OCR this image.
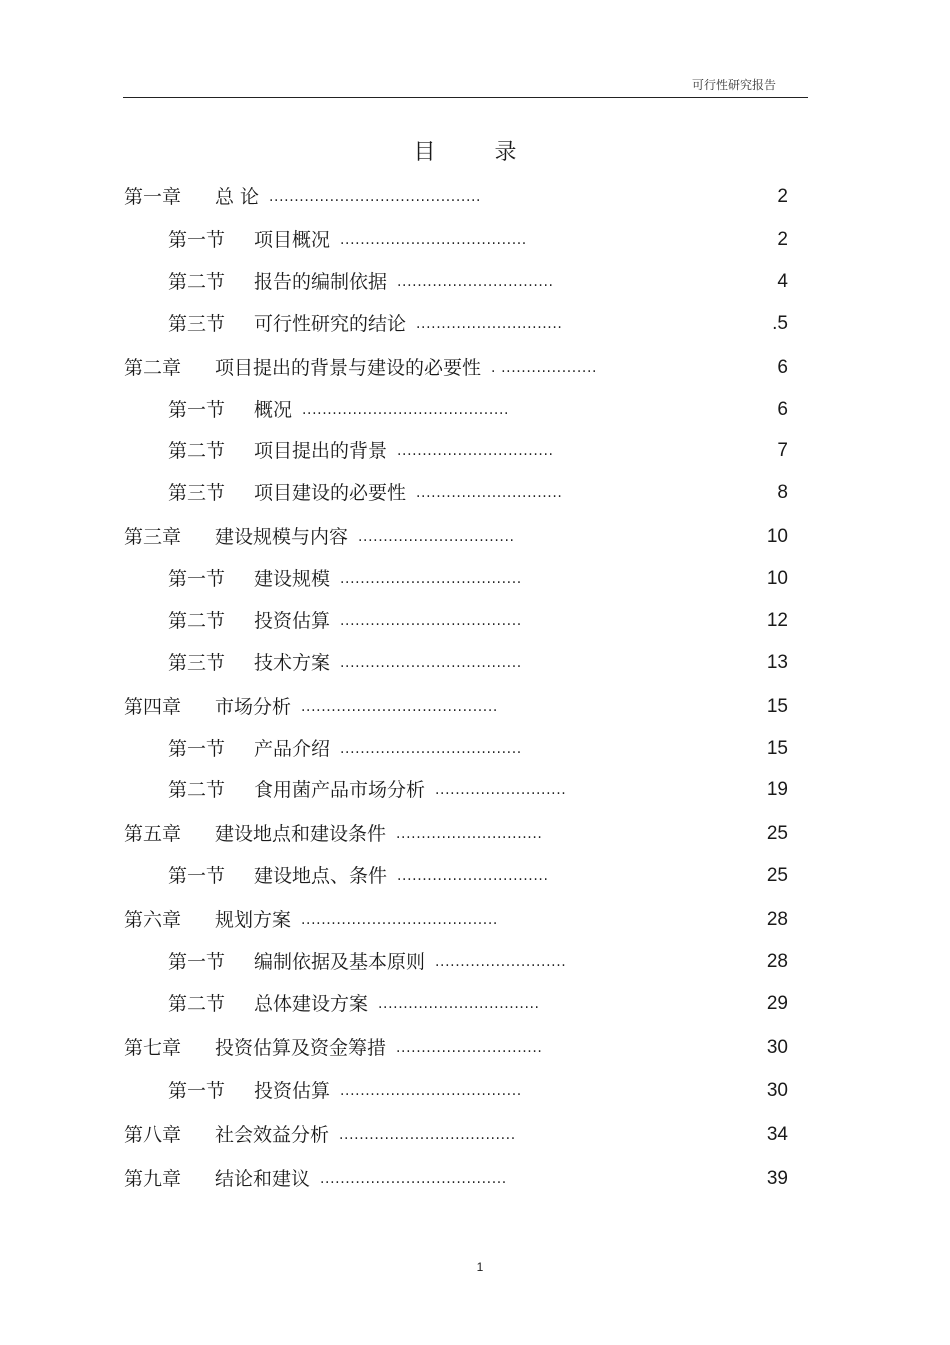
可行性研究报告
目 录
第一章 总 论 ..........................................	2
第一节 项目概况 .....................................	2
第二节 报告的编制依据 ...............................	4
第三节 可行性研究的结论 .............................	.5
第二章 项目提出的背景与建设的必要性 . ...................	6
第一节 概况 .........................................	6
第二节 项目提出的背景 ...............................	7
第三节 项目建设的必要性 .............................	8
第三章 建设规模与内容 ...............................	10
第一节 建设规模 ....................................	10
第二节 投资估算 ....................................	12
第三节 技术方案 ....................................	13
第四章 市场分析 .......................................	15
第一节 产品介绍 ....................................	15
第二节 食用菌产品市场分析 ..........................	19
第五章 建设地点和建设条件 .............................	25
第一节 建设地点、条件 ..............................	25
第六章 规划方案 .......................................	28
第一节 编制依据及基本原则 ..........................	28
第二节 总体建设方案 ................................	29
第七章 投资估算及资金筹措 .............................	30
第一节 投资估算 ....................................	30
第八章 社会效益分析 ...................................	34
第九章 结论和建议 .....................................	39
1
